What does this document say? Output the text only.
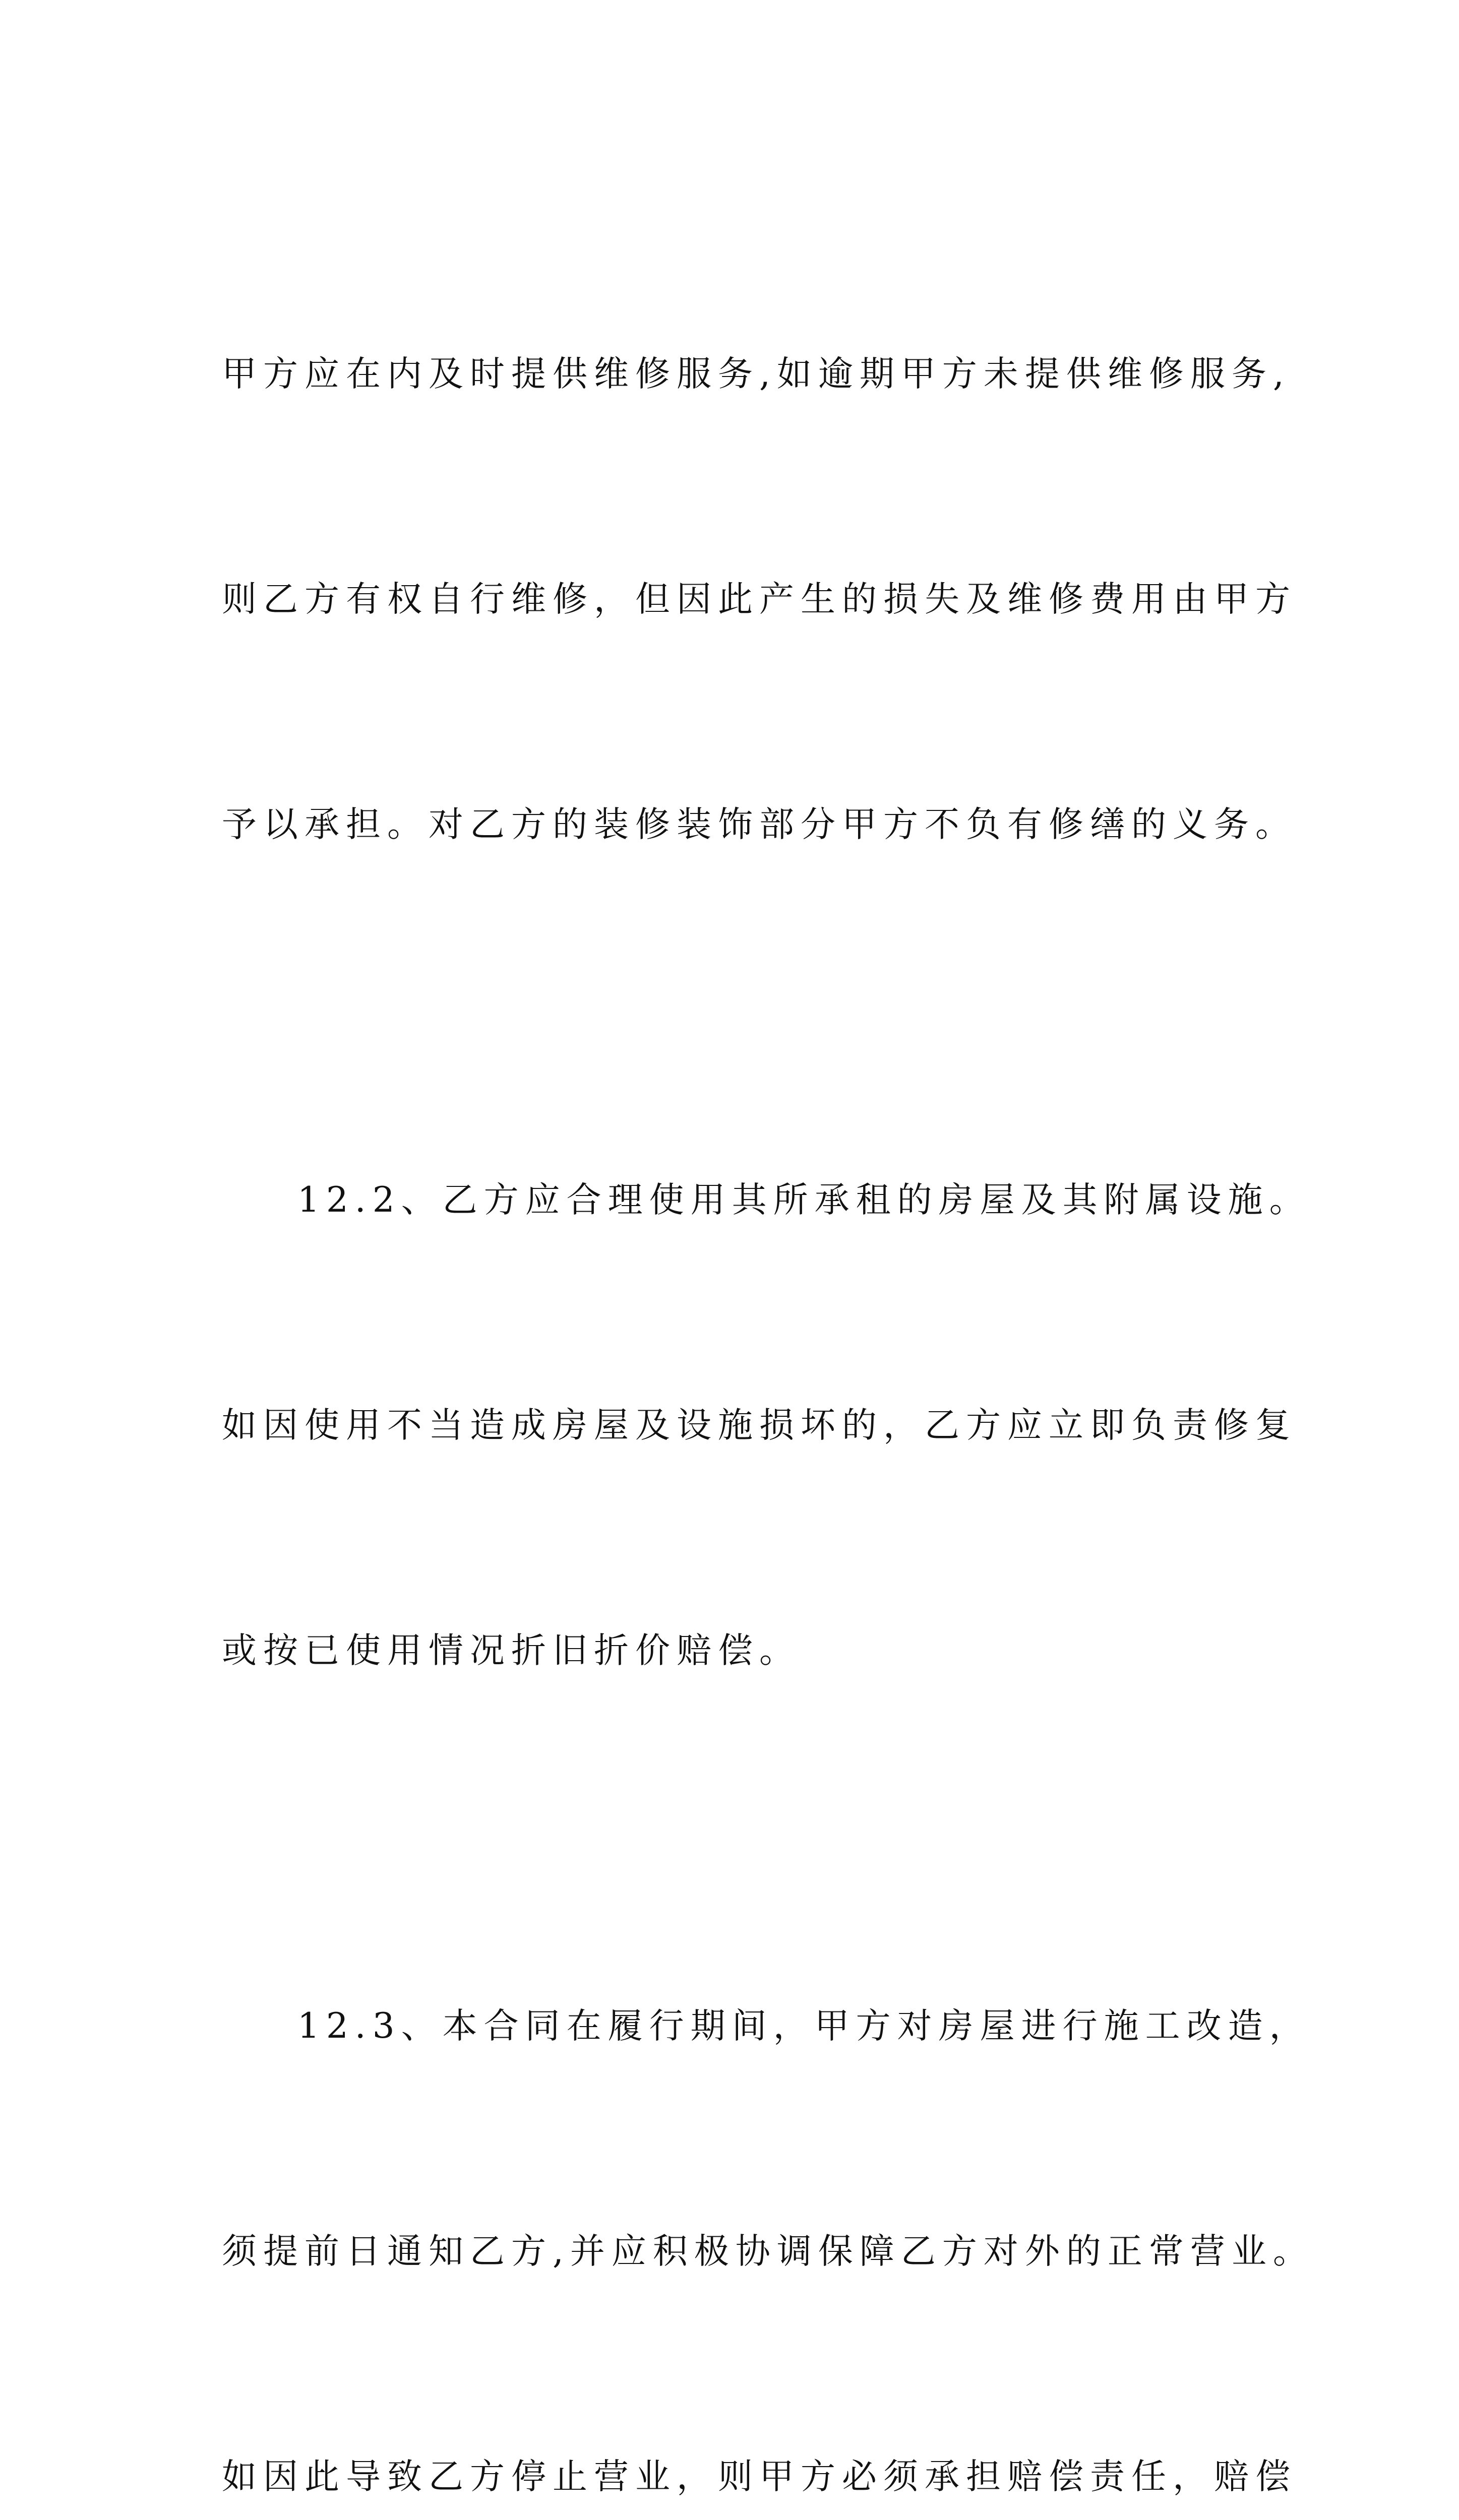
甲方应在内及时提供维修服务,如逾期甲方未提供维修服务,

则乙方有权自行维修，但因此产生的损失及维修费用由甲方

予以承担。对乙方的装修装饰部分甲方不负有修缮的义务。

12.2、乙方应合理使用其所承租的房屋及其附属设施。

如因使用不当造成房屋及设施损坏的，乙方应立即负责修复

或按已使用情况折旧折价赔偿。

12.3、本合同在履行期间，甲方对房屋进行施工改造，

须提前日通知乙方,并应积极协调保障乙方对外的正常营业。

如因此导致乙方停止营业，则甲方必须承担赔偿责任，赔偿
